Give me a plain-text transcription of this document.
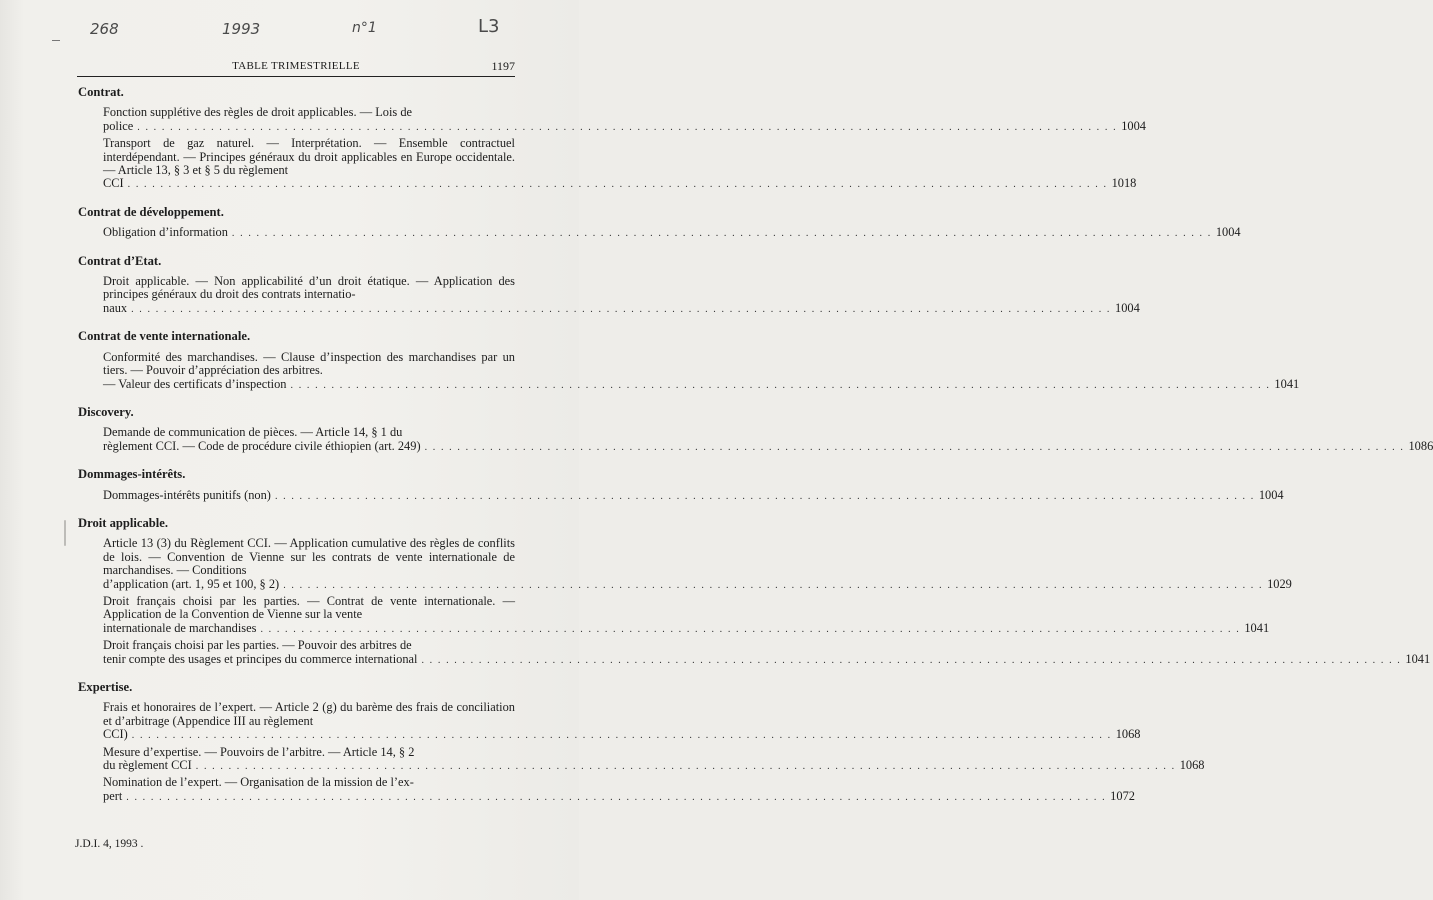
268	1993	n°1	L3
TABLE TRIMESTRIELLE	1197
Contrat.
Fonction supplétive des règles de droit applicables. — Lois de
police . . . . . . . . . . . . . . . . . . . . . . . . . . . . . . . . . . . . . . . . . . . . . . . . . . . . . . . . . . . . . . . . . . . . . . . . . . . . . . . . . . . . . . . . . . . . . . . . . . . . . . . . . . . . . . . . . . . . . . . . 1004
Transport de gaz naturel. — Interprétation. — Ensemble contractuel interdépendant. — Principes généraux du droit applicables en Europe occidentale. — Article 13, § 3 et § 5 du règlement
CCI . . . . . . . . . . . . . . . . . . . . . . . . . . . . . . . . . . . . . . . . . . . . . . . . . . . . . . . . . . . . . . . . . . . . . . . . . . . . . . . . . . . . . . . . . . . . . . . . . . . . . . . . . . . . . . . . . . . . . . . . 1018
Contrat de développement.
Obligation d’information . . . . . . . . . . . . . . . . . . . . . . . . . . . . . . . . . . . . . . . . . . . . . . . . . . . . . . . . . . . . . . . . . . . . . . . . . . . . . . . . . . . . . . . . . . . . . . . . . . . . . . . . . . . . . . . . . . . . . . . . 1004
Contrat d’Etat.
Droit applicable. — Non applicabilité d’un droit étatique. — Application des principes généraux du droit des contrats internatio-
naux . . . . . . . . . . . . . . . . . . . . . . . . . . . . . . . . . . . . . . . . . . . . . . . . . . . . . . . . . . . . . . . . . . . . . . . . . . . . . . . . . . . . . . . . . . . . . . . . . . . . . . . . . . . . . . . . . . . . . . . . 1004
Contrat de vente internationale.
Conformité des marchandises. — Clause d’inspection des marchandises par un tiers. — Pouvoir d’appréciation des arbitres.
— Valeur des certificats d’inspection . . . . . . . . . . . . . . . . . . . . . . . . . . . . . . . . . . . . . . . . . . . . . . . . . . . . . . . . . . . . . . . . . . . . . . . . . . . . . . . . . . . . . . . . . . . . . . . . . . . . . . . . . . . . . . . . . . . . . . . . 1041
Discovery.
Demande de communication de pièces. — Article 14, § 1 du
règlement CCI. — Code de procédure civile éthiopien (art. 249) . . . . . . . . . . . . . . . . . . . . . . . . . . . . . . . . . . . . . . . . . . . . . . . . . . . . . . . . . . . . . . . . . . . . . . . . . . . . . . . . . . . . . . . . . . . . . . . . . . . . . . . . . . . . . . . . . . . . . . . . 1086
Dommages-intérêts.
Dommages-intérêts punitifs (non) . . . . . . . . . . . . . . . . . . . . . . . . . . . . . . . . . . . . . . . . . . . . . . . . . . . . . . . . . . . . . . . . . . . . . . . . . . . . . . . . . . . . . . . . . . . . . . . . . . . . . . . . . . . . . . . . . . . . . . . . 1004
Droit applicable.
Article 13 (3) du Règlement CCI. — Application cumulative des règles de conflits de lois. — Convention de Vienne sur les contrats de vente internationale de marchandises. — Conditions
d’application (art. 1, 95 et 100, § 2) . . . . . . . . . . . . . . . . . . . . . . . . . . . . . . . . . . . . . . . . . . . . . . . . . . . . . . . . . . . . . . . . . . . . . . . . . . . . . . . . . . . . . . . . . . . . . . . . . . . . . . . . . . . . . . . . . . . . . . . . 1029
Droit français choisi par les parties. — Contrat de vente internationale. — Application de la Convention de Vienne sur la vente
internationale de marchandises . . . . . . . . . . . . . . . . . . . . . . . . . . . . . . . . . . . . . . . . . . . . . . . . . . . . . . . . . . . . . . . . . . . . . . . . . . . . . . . . . . . . . . . . . . . . . . . . . . . . . . . . . . . . . . . . . . . . . . . . 1041
Droit français choisi par les parties. — Pouvoir des arbitres de
tenir compte des usages et principes du commerce international . . . . . . . . . . . . . . . . . . . . . . . . . . . . . . . . . . . . . . . . . . . . . . . . . . . . . . . . . . . . . . . . . . . . . . . . . . . . . . . . . . . . . . . . . . . . . . . . . . . . . . . . . . . . . . . . . . . . . . . . 1041
Expertise.
Frais et honoraires de l’expert. — Article 2 (g) du barème des frais de conciliation et d’arbitrage (Appendice III au règlement
CCI) . . . . . . . . . . . . . . . . . . . . . . . . . . . . . . . . . . . . . . . . . . . . . . . . . . . . . . . . . . . . . . . . . . . . . . . . . . . . . . . . . . . . . . . . . . . . . . . . . . . . . . . . . . . . . . . . . . . . . . . . 1068
Mesure d’expertise. — Pouvoirs de l’arbitre. — Article 14, § 2
du règlement CCI . . . . . . . . . . . . . . . . . . . . . . . . . . . . . . . . . . . . . . . . . . . . . . . . . . . . . . . . . . . . . . . . . . . . . . . . . . . . . . . . . . . . . . . . . . . . . . . . . . . . . . . . . . . . . . . . . . . . . . . . 1068
Nomination de l’expert. — Organisation de la mission de l’ex-
pert . . . . . . . . . . . . . . . . . . . . . . . . . . . . . . . . . . . . . . . . . . . . . . . . . . . . . . . . . . . . . . . . . . . . . . . . . . . . . . . . . . . . . . . . . . . . . . . . . . . . . . . . . . . . . . . . . . . . . . . . 1072
J.D.I. 4, 1993 .
